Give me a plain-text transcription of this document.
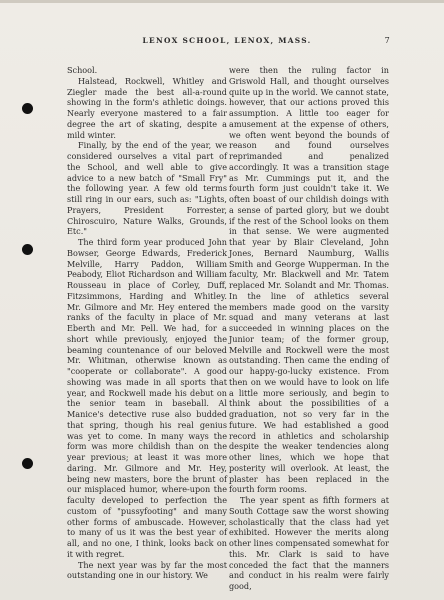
LENOX SCHOOL, LENOX, MASS.	7

School.

Halstead, Rockwell, Whitley and Ziegler made the best all-a-round showing in the form's athletic doings. Nearly everyone mastered to a fair degree the art of skating, despite a mild winter.

Finally, by the end of the year, we considered ourselves a vital part of the School, and well able to give advice to a new batch of "Small Fry" the following year. A few old terms still ring in our ears, such as: "Lights, Prayers, President Forrester, Chiroscuiro, Nature Walks, Grounds, Etc."

The third form year produced John Bowser, George Edwards, Frederick Melville, Harry Paddon, William Peabody, Eliot Richardson and William Rousseau in place of Corley, Duff, Fitzsimmons, Harding and Whitley. Mr. Gilmore and Mr. Hey entered the ranks of the faculty in place of Mr. Eberth and Mr. Pell. We had, for a short while previously, enjoyed the beaming countenance of our beloved Mr. Whitman, otherwise known as "cooperate or collaborate". A good showing was made in all sports that year, and Rockwell made his debut on the senior team in baseball. Al Manice's detective ruse also budded that spring, though his real genius was yet to come. In many ways the form was more childish than on the year previous; at least it was more daring. Mr. Gilmore and Mr. Hey, being new masters, bore the brunt of our misplaced humor, where-upon the faculty developed to perfection the custom of "pussyfooting" and many other forms of ambuscade. However, to many of us it was the best year of all, and no one, I think, looks back on it with regret.

The next year was by far the most outstanding one in our history. We

were then the ruling factor in Griswold Hall, and thought ourselves quite up in the world. We cannot state, however, that our actions proved this assumption. A little too eager for amusement at the expense of others, we often went beyond the bounds of reason and found ourselves reprimanded and penalized accordingly. It was a transition stage as Mr. Cummings put it, and the fourth form just couldn't take it. We often boast of our childish doings with a sense of parted glory, but we doubt if the rest of the School looks on them in that sense. We were augmented that year by Blair Cleveland, John Jones, Bernard Naumburg, Wallis Smith and George Wupperman. In the faculty, Mr. Blackwell and Mr. Tatem replaced Mr. Solandt and Mr. Thomas. In the line of athletics several members made good on the varsity squad and many veterans at last succeeded in winning places on the Junior team; of the former group, Melville and Rockwell were the most outstanding. Then came the ending of our happy-go-lucky existence. From then on we would have to look on life a little more seriously, and begin to think about the possibilities of a graduation, not so very far in the future. We had established a good record in athletics and scholarship despite the weaker tendencies along other lines, which we hope that posterity will overlook. At least, the plaster has been replaced in the fourth form rooms.

The year spent as fifth formers at South Cottage saw the worst showing scholastically that the class had yet exhibited. However the merits along other lines compensated somewhat for this. Mr. Clark is said to have conceded the fact that the manners and conduct in his realm were fairly good,
